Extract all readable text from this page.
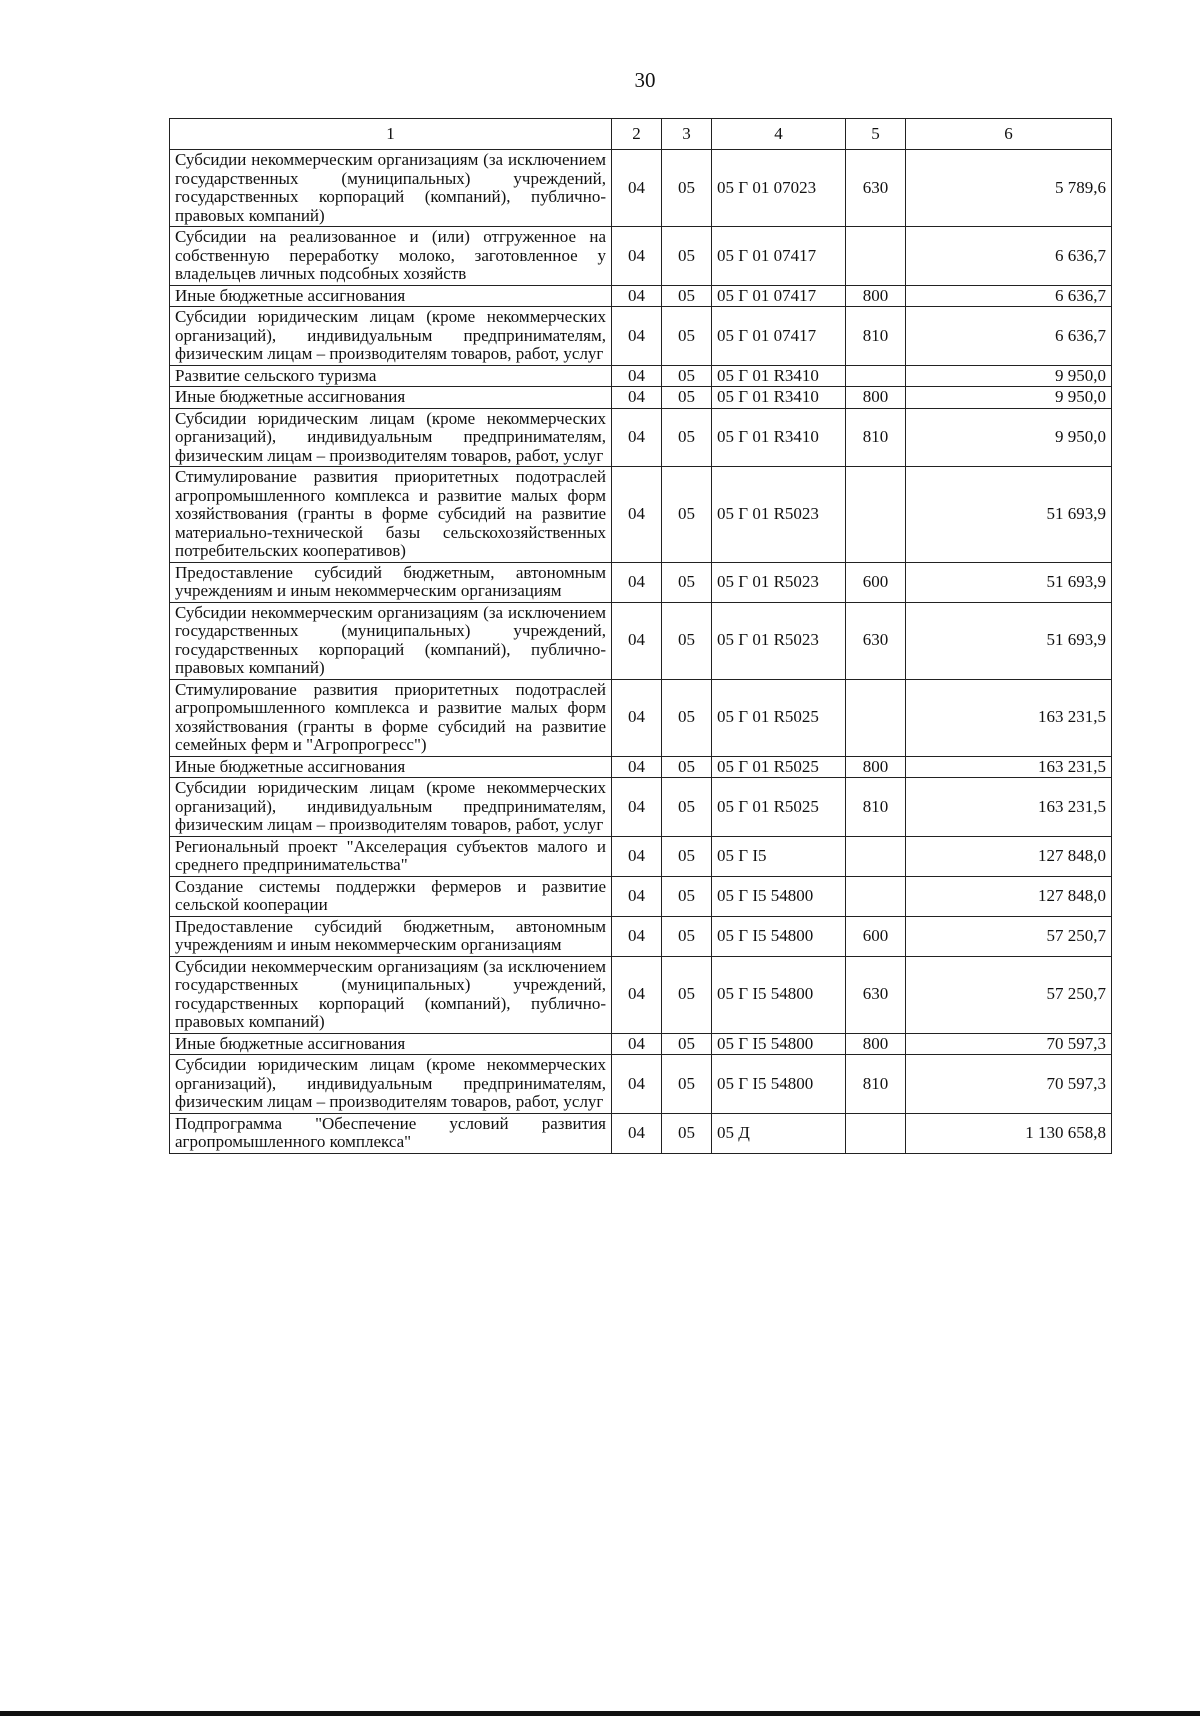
30
1	2	3	4	5	6
Субсидии некоммерческим организациям (за исключением государственных (муниципальных) учреждений, государственных корпораций (компаний), публично-правовых компаний)	04	05	05 Г 01 07023	630	5 789,6
Субсидии на реализованное и (или) отгруженное на собственную переработку молоко, заготовленное у владельцев личных подсобных хозяйств	04	05	05 Г 01 07417		6 636,7
Иные бюджетные ассигнования	04	05	05 Г 01 07417	800	6 636,7
Субсидии юридическим лицам (кроме некоммерческих организаций), индивидуальным предпринимателям, физическим лицам – производителям товаров, работ, услуг	04	05	05 Г 01 07417	810	6 636,7
Развитие сельского туризма	04	05	05 Г 01 R3410		9 950,0
Иные бюджетные ассигнования	04	05	05 Г 01 R3410	800	9 950,0
Субсидии юридическим лицам (кроме некоммерческих организаций), индивидуальным предпринимателям, физическим лицам – производителям товаров, работ, услуг	04	05	05 Г 01 R3410	810	9 950,0
Стимулирование развития приоритетных подотраслей агропромышленного комплекса и развитие малых форм хозяйствования (гранты в форме субсидий на развитие материально-технической базы сельскохозяйственных потребительских кооперативов)	04	05	05 Г 01 R5023		51 693,9
Предоставление субсидий бюджетным, автономным учреждениям и иным некоммерческим организациям	04	05	05 Г 01 R5023	600	51 693,9
Субсидии некоммерческим организациям (за исключением государственных (муниципальных) учреждений, государственных корпораций (компаний), публично-правовых компаний)	04	05	05 Г 01 R5023	630	51 693,9
Стимулирование развития приоритетных подотраслей агропромышленного комплекса и развитие малых форм хозяйствования (гранты в форме субсидий на развитие семейных ферм и "Агропрогресс")	04	05	05 Г 01 R5025		163 231,5
Иные бюджетные ассигнования	04	05	05 Г 01 R5025	800	163 231,5
Субсидии юридическим лицам (кроме некоммерческих организаций), индивидуальным предпринимателям, физическим лицам – производителям товаров, работ, услуг	04	05	05 Г 01 R5025	810	163 231,5
Региональный проект "Акселерация субъектов малого и среднего предпринимательства"	04	05	05 Г I5		127 848,0
Создание системы поддержки фермеров и развитие сельской кооперации	04	05	05 Г I5 54800		127 848,0
Предоставление субсидий бюджетным, автономным учреждениям и иным некоммерческим организациям	04	05	05 Г I5 54800	600	57 250,7
Субсидии некоммерческим организациям (за исключением государственных (муниципальных) учреждений, государственных корпораций (компаний), публично-правовых компаний)	04	05	05 Г I5 54800	630	57 250,7
Иные бюджетные ассигнования	04	05	05 Г I5 54800	800	70 597,3
Субсидии юридическим лицам (кроме некоммерческих организаций), индивидуальным предпринимателям, физическим лицам – производителям товаров, работ, услуг	04	05	05 Г I5 54800	810	70 597,3
Подпрограмма "Обеспечение условий развития агропромышленного комплекса"	04	05	05 Д		1 130 658,8
